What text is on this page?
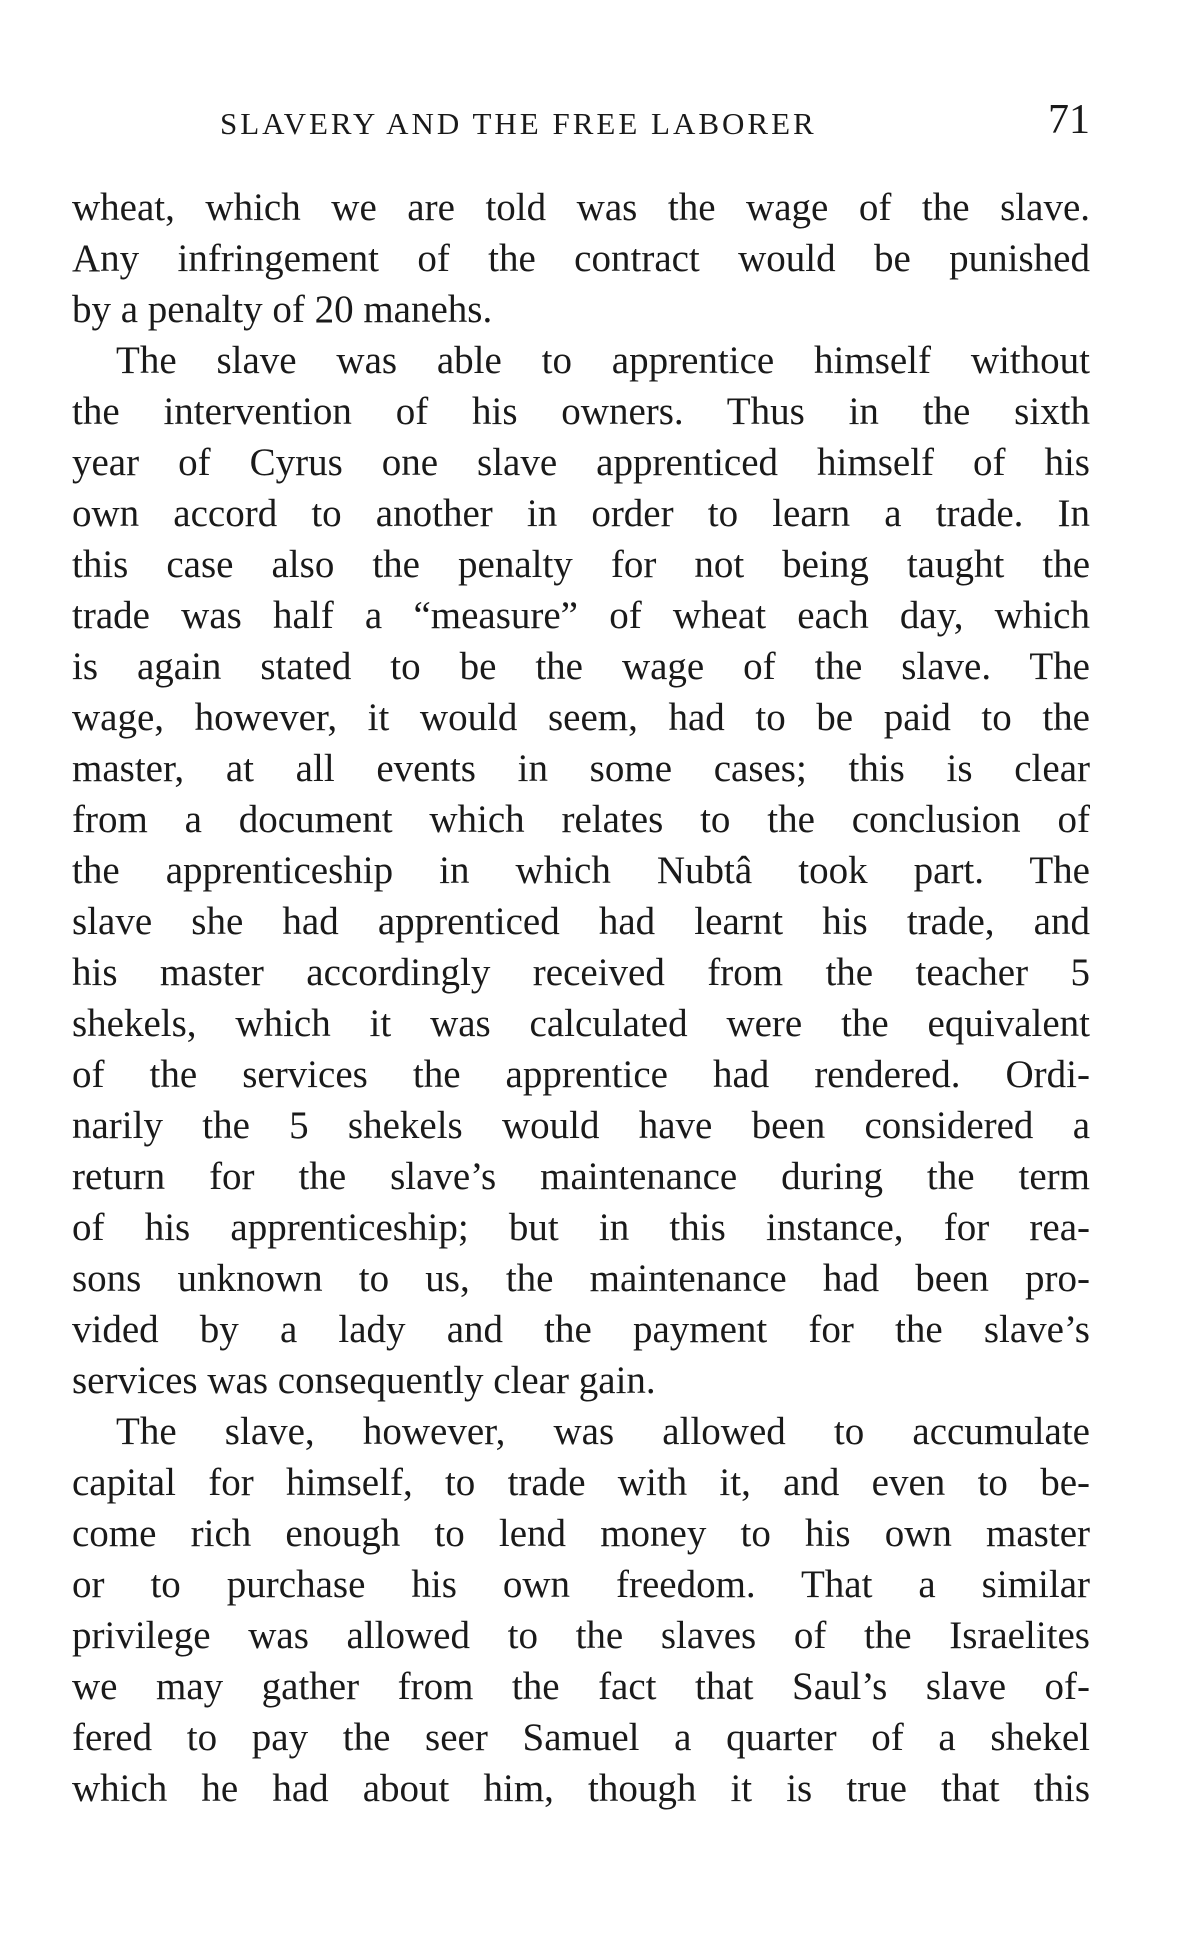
SLAVERY AND THE FREE LABORER	71
wheat, which we are told was the wage of the slave.
Any infringement of the contract would be punished
by a penalty of 20 manehs.
The slave was able to apprentice himself without
the intervention of his owners. Thus in the sixth
year of Cyrus one slave apprenticed himself of his
own accord to another in order to learn a trade. In
this case also the penalty for not being taught the
trade was half a “measure” of wheat each day, which
is again stated to be the wage of the slave. The
wage, however, it would seem, had to be paid to the
master, at all events in some cases; this is clear
from a document which relates to the conclusion of
the apprenticeship in which Nubtâ took part. The
slave she had apprenticed had learnt his trade, and
his master accordingly received from the teacher 5
shekels, which it was calculated were the equivalent
of the services the apprentice had rendered. Ordi-
narily the 5 shekels would have been considered a
return for the slave’s maintenance during the term
of his apprenticeship; but in this instance, for rea-
sons unknown to us, the maintenance had been pro-
vided by a lady and the payment for the slave’s
services was consequently clear gain.
The slave, however, was allowed to accumulate
capital for himself, to trade with it, and even to be-
come rich enough to lend money to his own master
or to purchase his own freedom. That a similar
privilege was allowed to the slaves of the Israelites
we may gather from the fact that Saul’s slave of-
fered to pay the seer Samuel a quarter of a shekel
which he had about him, though it is true that this
